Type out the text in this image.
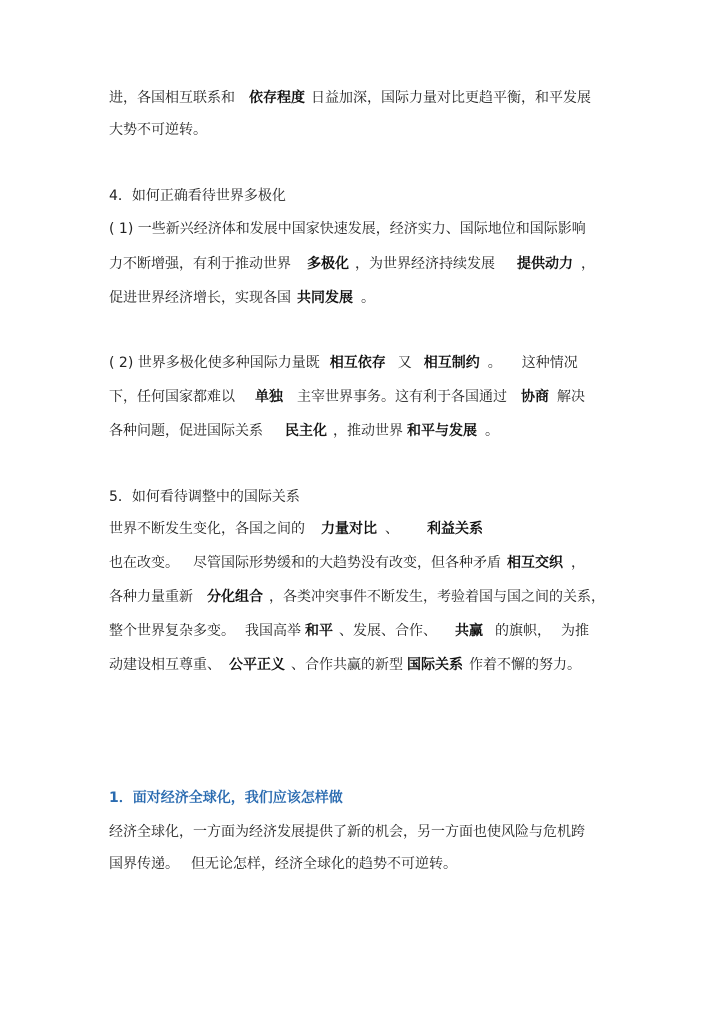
进，各国相互联系和 依存程度 日益加深，国际力量对比更趋平衡，和平发展
大势不可逆转。
4．如何正确看待世界多极化
( 1) 一些新兴经济体和发展中国家快速发展，经济实力、国际地位和国际影响
力不断增强，有利于推动世界 多极化 ，为世界经济持续发展 提供动力 ，
促进世界经济增长，实现各国 共同发展 。
( 2) 世界多极化使多种国际力量既 相互依存 又 相互制约 。 这种情况
下，任何国家都难以 单独 主宰世界事务。这有利于各国通过 协商 解决
各种问题，促进国际关系 民主化 ，推动世界 和平与发展 。
5．如何看待调整中的国际关系
世界不断发生变化，各国之间的 力量对比 、 利益关系
也在改变。 尽管国际形势缓和的大趋势没有改变，但各种矛盾 相互交织 ，
各种力量重新 分化组合 ，各类冲突事件不断发生，考验着国与国之间的关系，
整个世界复杂多变。 我国高举 和平 、发展、合作、 共赢 的旗帜， 为推
动建设相互尊重、 公平正义 、合作共赢的新型 国际关系 作着不懈的努力。
1．面对经济全球化，我们应该怎样做
经济全球化，一方面为经济发展提供了新的机会，另一方面也使风险与危机跨
国界传递。 但无论怎样，经济全球化的趋势不可逆转。
